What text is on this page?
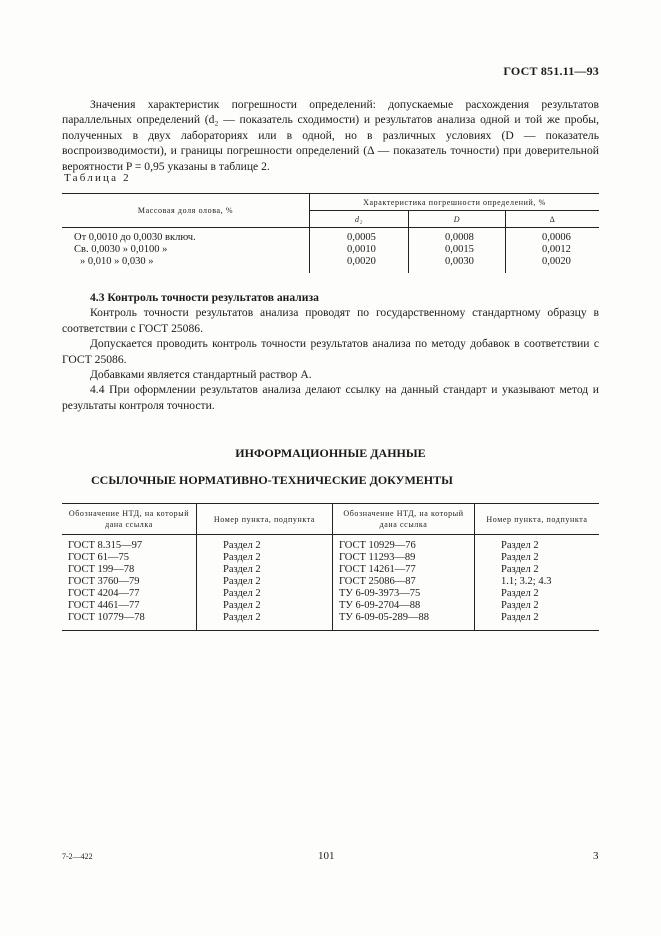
ГОСТ 851.11—93

Значения характеристик погрешности определений: допускаемые расхождения результатов параллельных определений (d₂ — показатель сходимости) и результатов анализа одной и той же пробы, полученных в двух лабораториях или в одной, но в различных условиях (D — показатель воспроизводимости), и границы погрешности определений (Δ — показатель точности) при доверительной вероятности P = 0,95 указаны в таблице 2.

Таблица 2
Массовая доля олова, %	Характеристика погрешности определений, %		
	d₂	D	Δ
От 0,0010 до 0,0030 включ.	0,0005	0,0008	0,0006
Св. 0,0030 » 0,0100 »	0,0010	0,0015	0,0012
» 0,010 » 0,030 »	0,0020	0,0030	0,0020

4.3 Контроль точности результатов анализа

Контроль точности результатов анализа проводят по государственному стандартному образцу в соответствии с ГОСТ 25086.

Допускается проводить контроль точности результатов анализа по методу добавок в соответствии с ГОСТ 25086.

Добавками является стандартный раствор А.

4.4 При оформлении результатов анализа делают ссылку на данный стандарт и указывают метод и результаты контроля точности.

ИНФОРМАЦИОННЫЕ ДАННЫЕ
ССЫЛОЧНЫЕ НОРМАТИВНО-ТЕХНИЧЕСКИЕ ДОКУМЕНТЫ
Обозначение НТД, на который дана ссылка	Номер пункта, подпункта	Обозначение НТД, на который дана ссылка	Номер пункта, подпункта
ГОСТ 8.315—97	Раздел 2	ГОСТ 10929—76	Раздел 2
ГОСТ 61—75	Раздел 2	ГОСТ 11293—89	Раздел 2
ГОСТ 199—78	Раздел 2	ГОСТ 14261—77	Раздел 2
ГОСТ 3760—79	Раздел 2	ГОСТ 25086—87	1.1; 3.2; 4.3
ГОСТ 4204—77	Раздел 2	ТУ 6-09-3973—75	Раздел 2
ГОСТ 4461—77	Раздел 2	ТУ 6-09-2704—88	Раздел 2
ГОСТ 10779—78	Раздел 2	ТУ 6-09-05-289—88	Раздел 2
7-2—422	101	3
